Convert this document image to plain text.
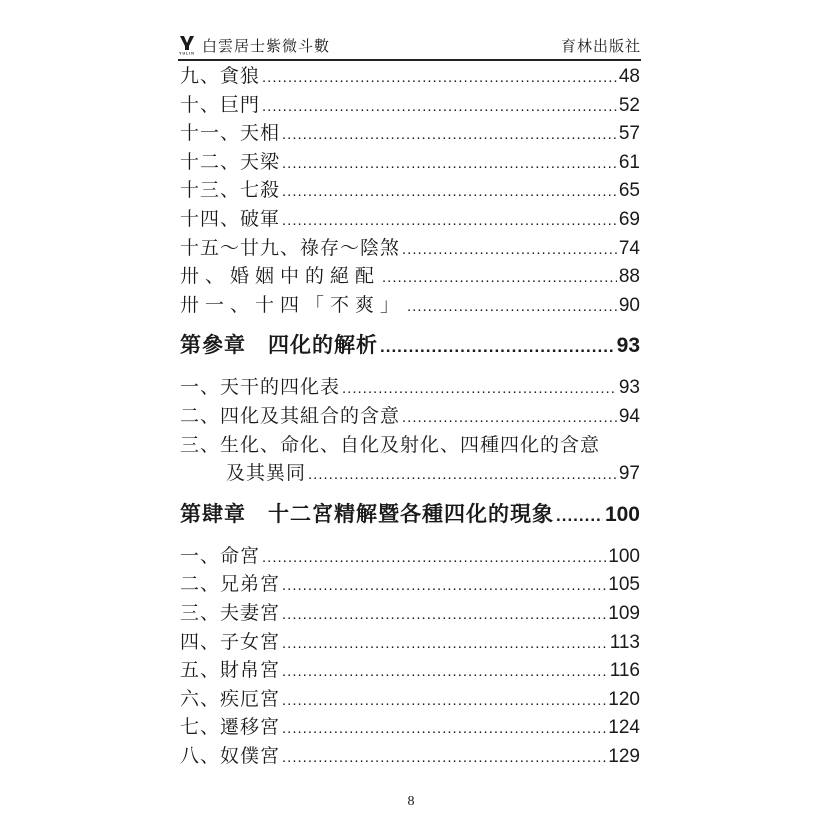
YULIN 白雲居士紫微斗數	育林出版社
九、貪狼 .....	48
十、巨門 .....	52
十一、天相 .....	57
十二、天梁 .....	61
十三、七殺 .....	65
十四、破軍 .....	69
十五～廿九、祿存～陰煞 .....	74
卅、婚姻中的絕配 .....	88
卅一、十四「不爽」 .....	90
第參章　四化的解析 .....	93
一、天干的四化表 .....	93
二、四化及其組合的含意 .....	94
三、生化、命化、自化及射化、四種四化的含意
及其異同 .....	97
第肆章　十二宮精解暨各種四化的現象 ..... 100
一、命宮 .....	100
二、兄弟宮 .....	105
三、夫妻宮 .....	109
四、子女宮 .....	113
五、財帛宮 .....	116
六、疾厄宮 .....	120
七、遷移宮 .....	124
八、奴僕宮 .....	129
8
